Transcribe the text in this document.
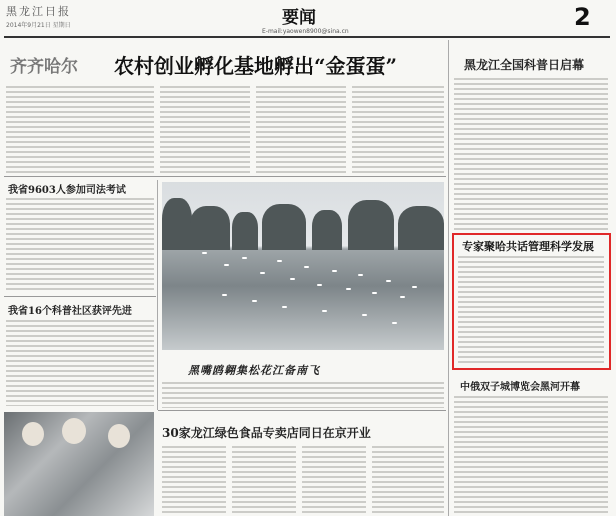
黑龙江日报
2014年9月21日 星期日	要闻
E-mail:yaowen8900@sina.cn
2
齐齐哈尔 农村创业孵化基地孵出“金蛋蛋”
我省9603人参加司法考试
我省16个科普社区获评先进
黑嘴鸥翱集松花江备南飞
30家龙江绿色食品专卖店同日在京开业
黑龙江全国科普日启幕
专家聚哈共话管理科学发展
中俄双子城博览会黑河开幕
